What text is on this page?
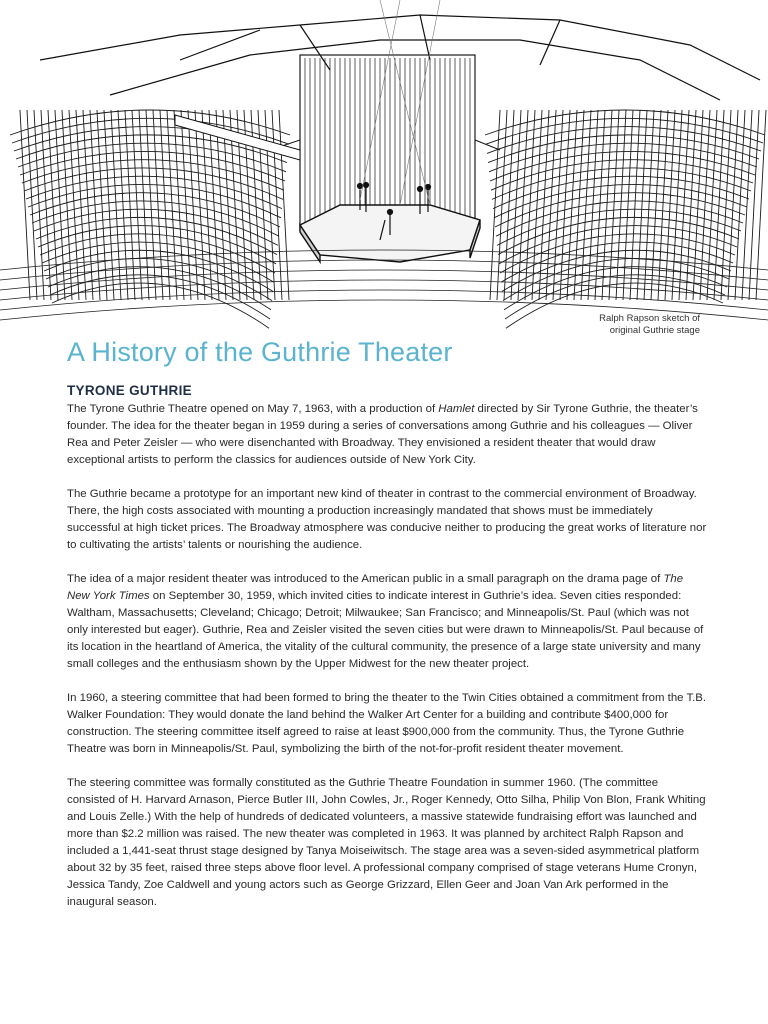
Ralph Rapson sketch of
original Guthrie stage
A History of the Guthrie Theater
TYRONE GUTHRIE

The Tyrone Guthrie Theatre opened on May 7, 1963, with a production of Hamlet directed by Sir Tyrone Guthrie, the theater’s founder. The idea for the theater began in 1959 during a series of conversations among Guthrie and his colleagues — Oliver Rea and Peter Zeisler — who were disenchanted with Broadway. They envisioned a resident theater that would draw exceptional artists to perform the classics for audiences outside of New York City.

The Guthrie became a prototype for an important new kind of theater in contrast to the commercial environment of Broadway. There, the high costs associated with mounting a production increasingly mandated that shows must be immediately successful at high ticket prices. The Broadway atmosphere was conducive neither to producing the great works of literature nor to cultivating the artists’ talents or nourishing the audience.

The idea of a major resident theater was introduced to the American public in a small paragraph on the drama page of The New York Times on September 30, 1959, which invited cities to indicate interest in Guthrie’s idea. Seven cities responded: Waltham, Massachusetts; Cleveland; Chicago; Detroit; Milwaukee; San Francisco; and Minneapolis/St. Paul (which was not only interested but eager). Guthrie, Rea and Zeisler visited the seven cities but were drawn to Minneapolis/St. Paul because of its location in the heartland of America, the vitality of the cultural community, the presence of a large state university and many small colleges and the enthusiasm shown by the Upper Midwest for the new theater project.

In 1960, a steering committee that had been formed to bring the theater to the Twin Cities obtained a commitment from the T.B. Walker Foundation: They would donate the land behind the Walker Art Center for a building and contribute $400,000 for construction. The steering committee itself agreed to raise at least $900,000 from the community. Thus, the Tyrone Guthrie Theatre was born in Minneapolis/St. Paul, symbolizing the birth of the not-for-profit resident theater movement.

The steering committee was formally constituted as the Guthrie Theatre Foundation in summer 1960. (The committee consisted of H. Harvard Arnason, Pierce Butler III, John Cowles, Jr., Roger Kennedy, Otto Silha, Philip Von Blon, Frank Whiting and Louis Zelle.) With the help of hundreds of dedicated volunteers, a massive statewide fundraising effort was launched and more than $2.2 million was raised. The new theater was completed in 1963. It was planned by architect Ralph Rapson and included a 1,441-seat thrust stage designed by Tanya Moiseiwitsch. The stage area was a seven-sided asymmetrical platform about 32 by 35 feet, raised three steps above floor level. A professional company comprised of stage veterans Hume Cronyn, Jessica Tandy, Zoe Caldwell and young actors such as George Grizzard, Ellen Geer and Joan Van Ark performed in the inaugural season.
